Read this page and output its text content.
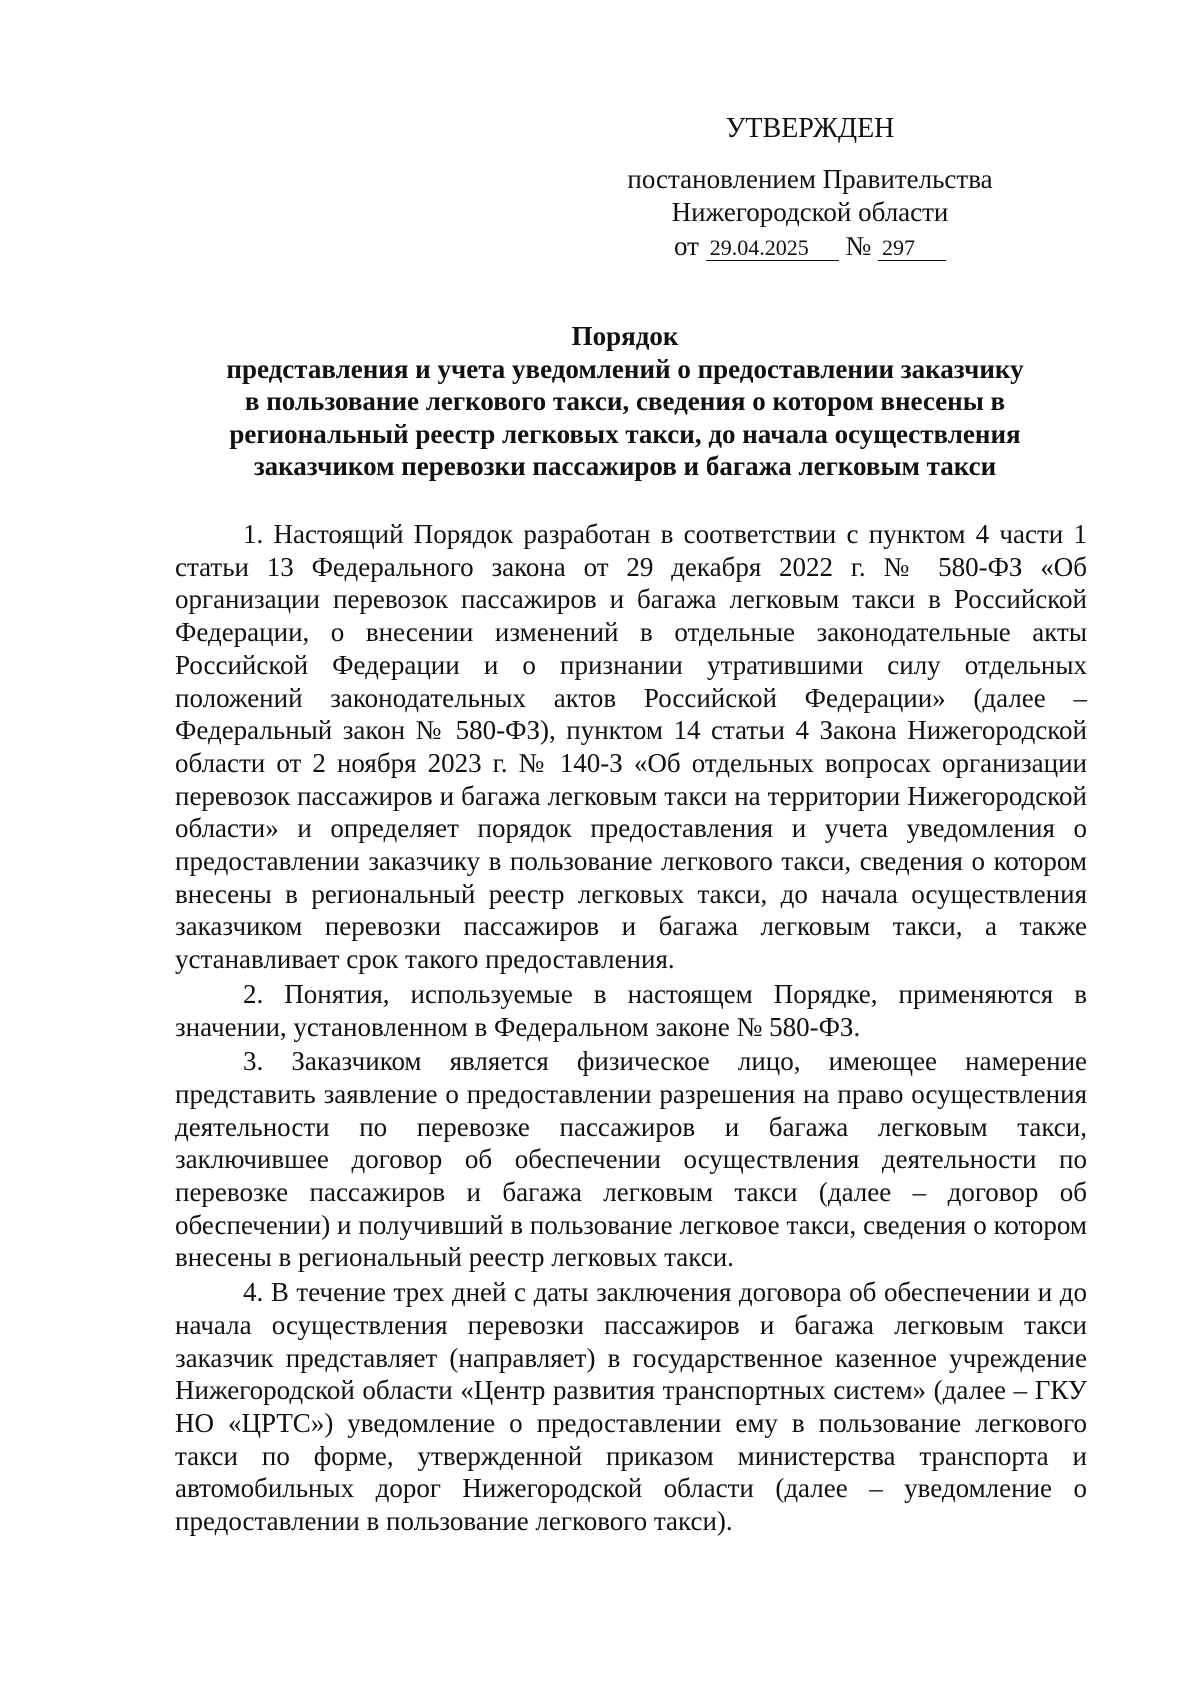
УТВЕРЖДЕН
постановлением Правительства
Нижегородской области
от 29.04.2025 № 297
Порядок
представления и учета уведомлений о предоставлении заказчику
в пользование легкового такси, сведения о котором внесены в
региональный реестр легковых такси, до начала осуществления
заказчиком перевозки пассажиров и багажа легковым такси

1. Настоящий Порядок разработан в соответствии с пунктом 4 части 1 статьи 13 Федерального закона от 29 декабря 2022 г. № 580-ФЗ «Об организации перевозок пассажиров и багажа легковым такси в Российской Федерации, о внесении изменений в отдельные законодательные акты Российской Федерации и о признании утратившими силу отдельных положений законодательных актов Российской Федерации» (далее – Федеральный закон № 580-ФЗ), пунктом 14 статьи 4 Закона Нижегородской области от 2 ноября 2023 г. № 140-З «Об отдельных вопросах организации перевозок пассажиров и багажа легковым такси на территории Нижегородской области» и определяет порядок предоставления и учета уведомления о предоставлении заказчику в пользование легкового такси, сведения о котором внесены в региональный реестр легковых такси, до начала осуществления заказчиком перевозки пассажиров и багажа легковым такси, а также устанавливает срок такого предоставления.

2. Понятия, используемые в настоящем Порядке, применяются в значении, установленном в Федеральном законе № 580-ФЗ.

3. Заказчиком является физическое лицо, имеющее намерение представить заявление о предоставлении разрешения на право осуществления деятельности по перевозке пассажиров и багажа легковым такси, заключившее договор об обеспечении осуществления деятельности по перевозке пассажиров и багажа легковым такси (далее – договор об обеспечении) и получивший в пользование легковое такси, сведения о котором внесены в региональный реестр легковых такси.

4. В течение трех дней с даты заключения договора об обеспечении и до начала осуществления перевозки пассажиров и багажа легковым такси заказчик представляет (направляет) в государственное казенное учреждение Нижегородской области «Центр развития транспортных систем» (далее – ГКУ НО «ЦРТС») уведомление о предоставлении ему в пользование легкового такси по форме, утвержденной приказом министерства транспорта и автомобильных дорог Нижегородской области (далее – уведомление о предоставлении в пользование легкового такси).
